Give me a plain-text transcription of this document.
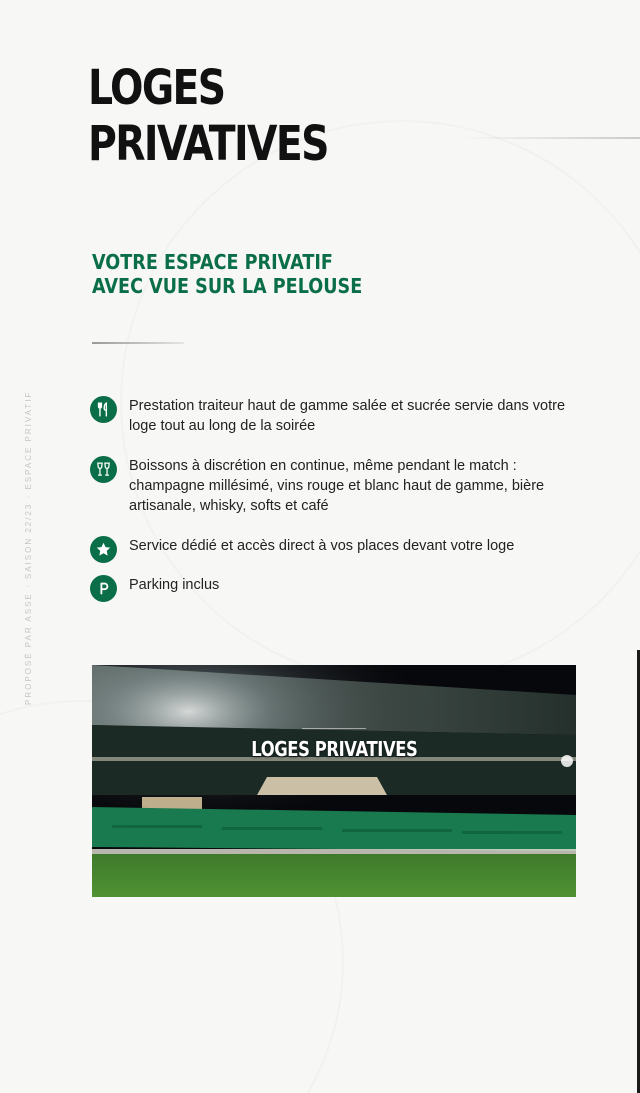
PROPOSÉ PAR ASSE · SAISON 22/23 · ESPACE PRIVATIF
LOGES
PRIVATIVES
VOTRE ESPACE PRIVATIF
AVEC VUE SUR LA PELOUSE
Prestation traiteur haut de gamme salée et sucrée servie dans votre loge tout au long de la soirée
Boissons à discrétion en continue, même pendant le match : champagne millésimé, vins rouge et blanc haut de gamme, bière artisanale, whisky, softs et café
Service dédié et accès direct à vos places devant votre loge
Parking inclus
LOGES PRIVATIVES
